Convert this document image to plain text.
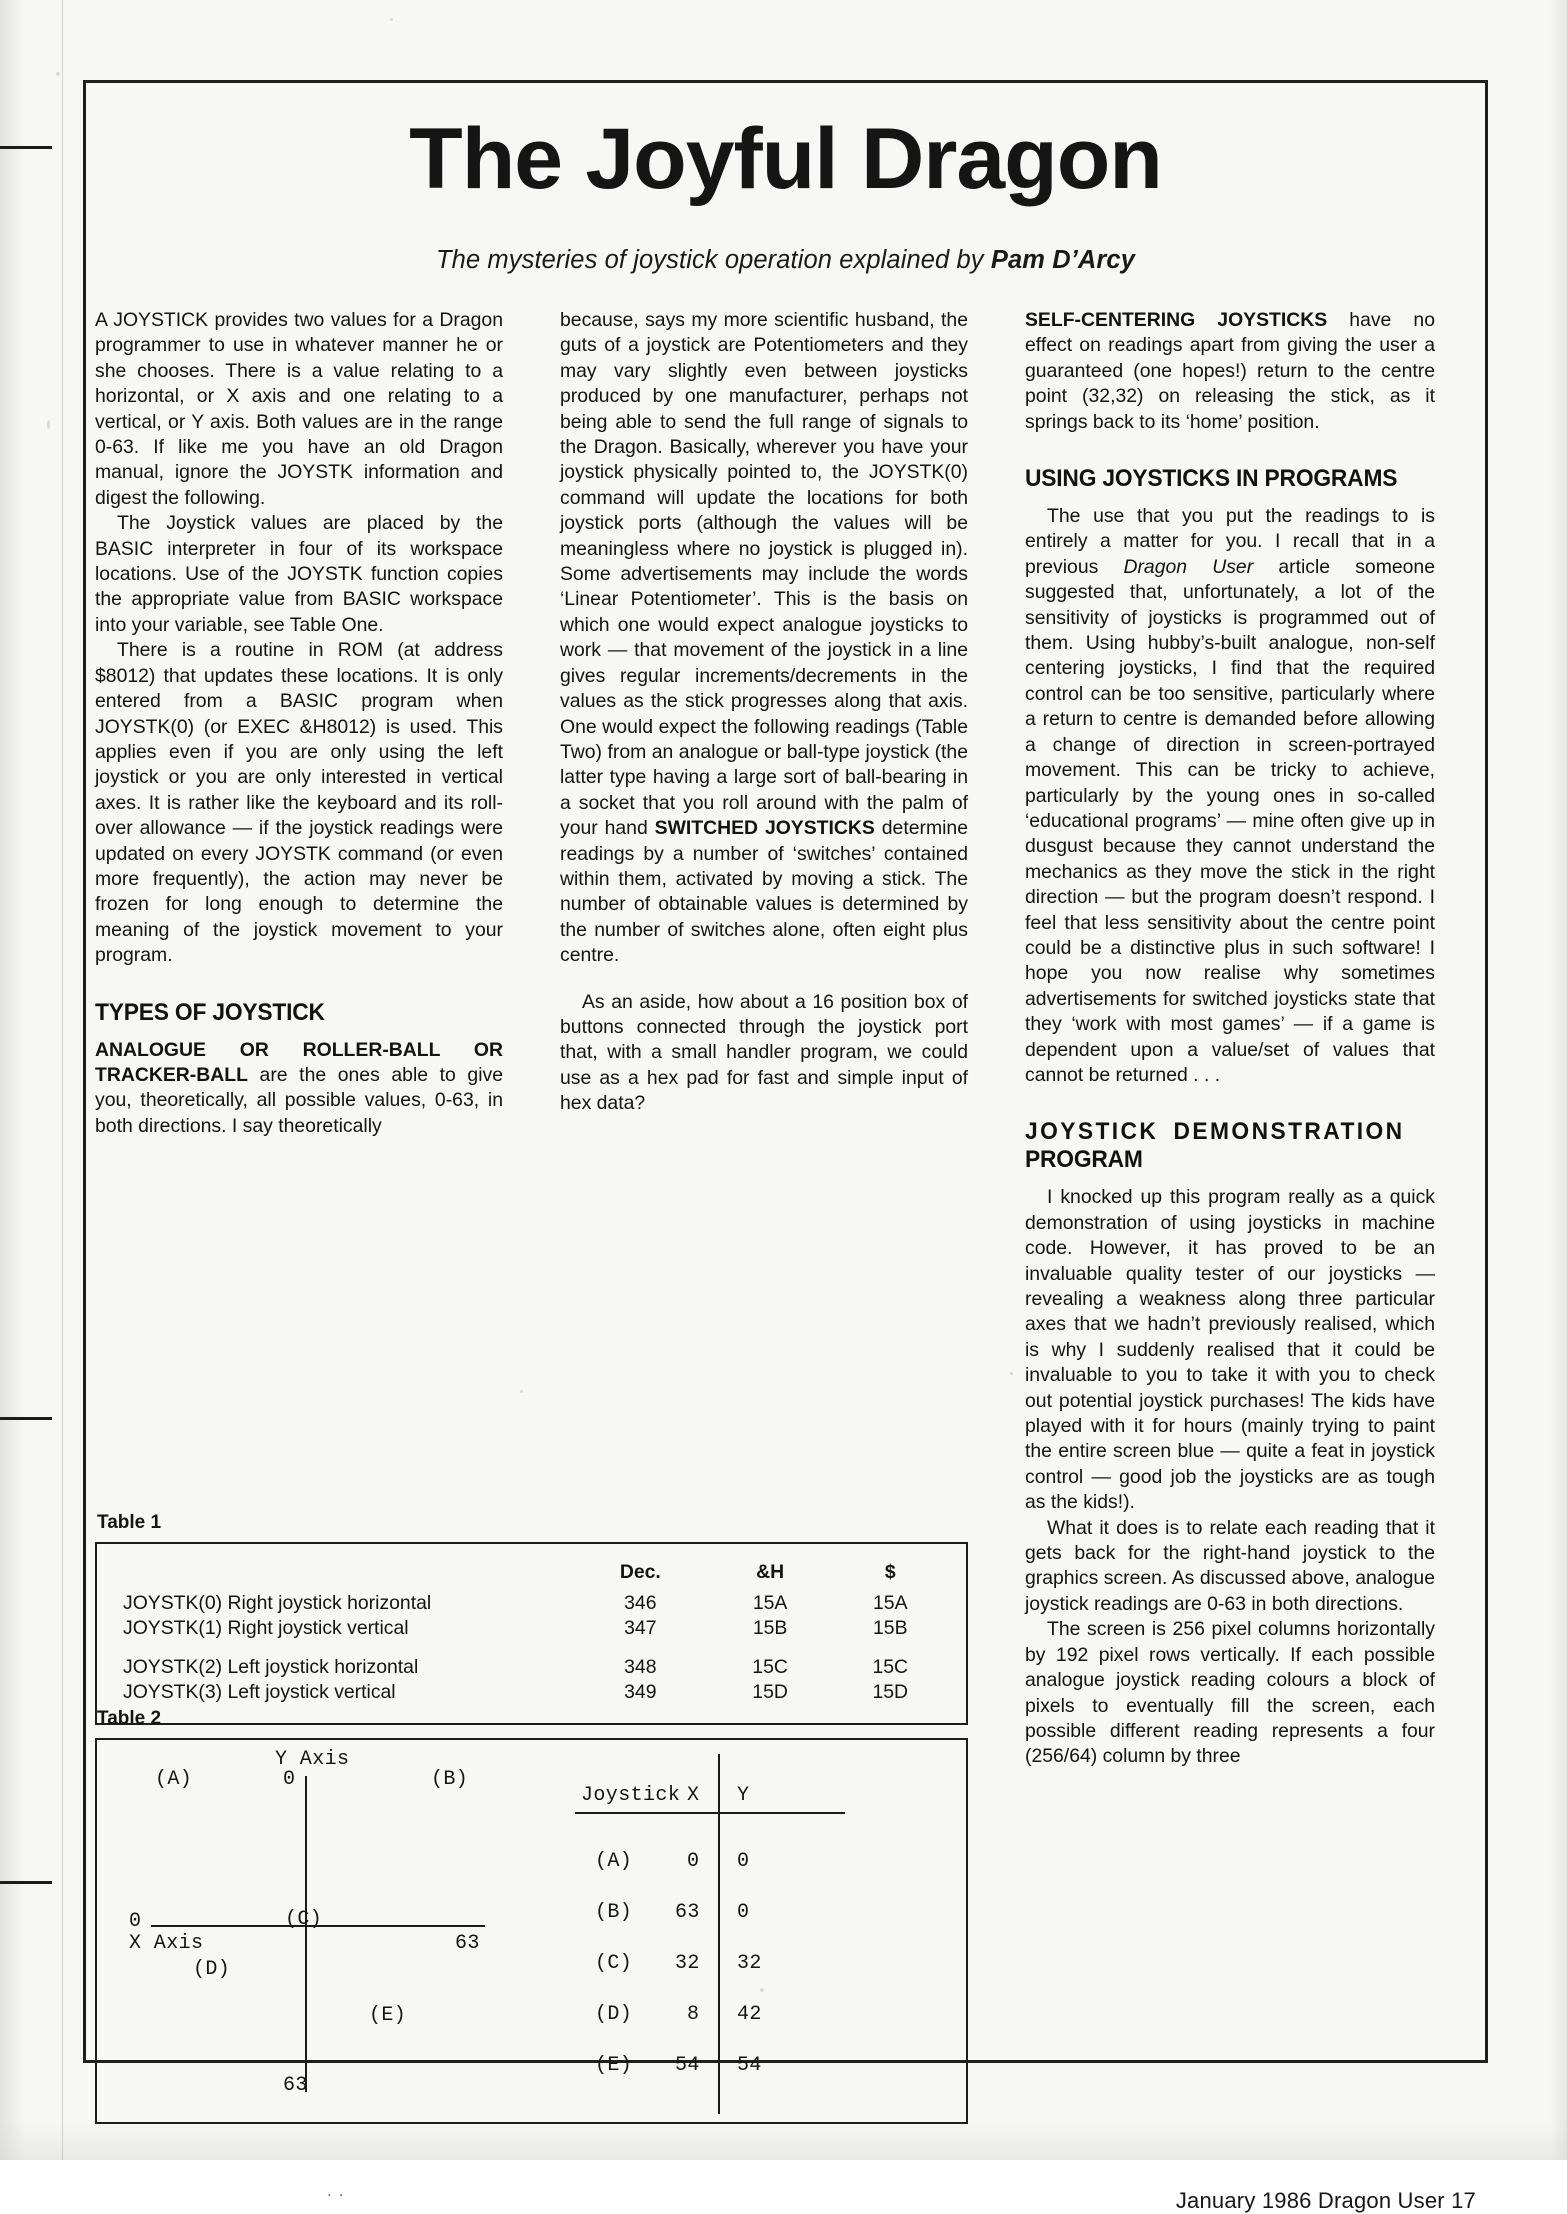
The Joyful Dragon
The mysteries of joystick operation explained by Pam D’Arcy

A JOYSTICK provides two values for a Dragon programmer to use in whatever manner he or she chooses. There is a value relating to a horizontal, or X axis and one relating to a vertical, or Y axis. Both values are in the range 0-63. If like me you have an old Dragon manual, ignore the JOYSTK information and digest the following.

The Joystick values are placed by the BASIC interpreter in four of its workspace locations. Use of the JOYSTK function copies the appropriate value from BASIC workspace into your variable, see Table One.

There is a routine in ROM (at address $8012) that updates these locations. It is only entered from a BASIC program when JOYSTK(0) (or EXEC &H8012) is used. This applies even if you are only using the left joystick or you are only interested in vertical axes. It is rather like the keyboard and its roll-over allowance — if the joystick readings were updated on every JOYSTK command (or even more frequently), the action may never be frozen for long enough to determine the meaning of the joystick movement to your program.

TYPES OF JOYSTICK

ANALOGUE OR ROLLER-BALL OR TRACKER-BALL are the ones able to give you, theoretically, all possible values, 0-63, in both directions. I say theoretically

because, says my more scientific husband, the guts of a joystick are Potentiometers and they may vary slightly even between joysticks produced by one manufacturer, perhaps not being able to send the full range of signals to the Dragon. Basically, wherever you have your joystick physically pointed to, the JOYSTK(0) command will update the locations for both joystick ports (although the values will be meaningless where no joystick is plugged in). Some advertisements may include the words ‘Linear Potentiometer’. This is the basis on which one would expect analogue joysticks to work — that movement of the joystick in a line gives regular increments/decrements in the values as the stick progresses along that axis. One would expect the following readings (Table Two) from an analogue or ball-type joystick (the latter type having a large sort of ball-bearing in a socket that you roll around with the palm of your hand SWITCHED JOYSTICKS determine readings by a number of ‘switches’ contained within them, activated by moving a stick. The number of obtainable values is determined by the number of switches alone, often eight plus centre.

As an aside, how about a 16 position box of buttons connected through the joystick port that, with a small handler program, we could use as a hex pad for fast and simple input of hex data?

SELF-CENTERING JOYSTICKS have no effect on readings apart from giving the user a guaranteed (one hopes!) return to the centre point (32,32) on releasing the stick, as it springs back to its ‘home’ position.

USING JOYSTICKS IN PROGRAMS

The use that you put the readings to is entirely a matter for you. I recall that in a previous Dragon User article someone suggested that, unfortunately, a lot of the sensitivity of joysticks is programmed out of them. Using hubby’s-built analogue, non-self centering joysticks, I find that the required control can be too sensitive, particularly where a return to centre is demanded before allowing a change of direction in screen-portrayed movement. This can be tricky to achieve, particularly by the young ones in so-called ‘educational programs’ — mine often give up in dusgust because they cannot understand the mechanics as they move the stick in the right direction — but the program doesn’t respond. I feel that less sensitivity about the centre point could be a distinctive plus in such software! I hope you now realise why sometimes advertisements for switched joysticks state that they ‘work with most games’ — if a game is dependent upon a value/set of values that cannot be returned . . .

JOYSTICK DEMONSTRATION
PROGRAM

I knocked up this program really as a quick demonstration of using joysticks in machine code. However, it has proved to be an invaluable quality tester of our joysticks — revealing a weakness along three particular axes that we hadn’t previously realised, which is why I suddenly realised that it could be invaluable to you to take it with you to check out potential joystick purchases! The kids have played with it for hours (mainly trying to paint the entire screen blue — quite a feat in joystick control — good job the joysticks are as tough as the kids!).

What it does is to relate each reading that it gets back for the right-hand joystick to the graphics screen. As discussed above, analogue joystick readings are 0-63 in both directions.

The screen is 256 pixel columns horizontally by 192 pixel rows vertically. If each possible analogue joystick reading colours a block of pixels to eventually fill the screen, each possible different reading represents a four (256/64) column by three

Table 1
	Dec.	&H	$
JOYSTK(0) Right joystick horizontal	346	15A	15A
JOYSTK(1) Right joystick vertical	347	15B	15B
JOYSTK(2) Left joystick horizontal	348	15C	15C
JOYSTK(3) Left joystick vertical	349	15D	15D
Table 2
Y Axis
0
63
0
X Axis	63
(A)	(B)
(C)
(D)
(E)
Joystick X Y
(A)	0 0
(B) 63 0
(C) 32 32
(D)	8 42
(E) 54 54
..	January 1986 Dragon User 17
